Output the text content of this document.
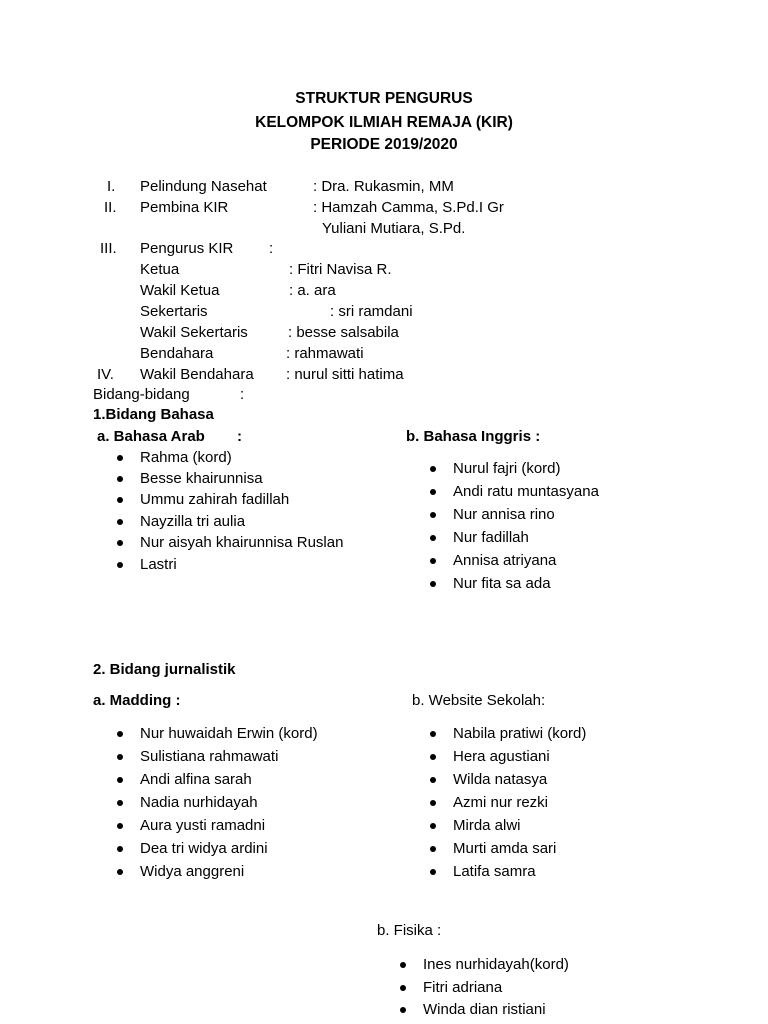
STRUKTUR PENGURUS
KELOMPOK ILMIAH REMAJA (KIR)
PERIODE 2019/2020
I. Pelindung Nasehat	: Dra. Rukasmin, MM
II. Pembina KIR	: Hamzah Camma, S.Pd.I Gr
Yuliani Mutiara, S.Pd.
III. Pengurus KIR :
Ketua	: Fitri Navisa R.
Wakil Ketua	: a. ara
Sekertaris	: sri ramdani
Wakil Sekertaris	: besse salsabila
Bendahara	: rahmawati
IV. Wakil Bendahara : nurul sitti hatima
Bidang-bidang	:
1.Bidang Bahasa
a. Bahasa Arab :	b. Bahasa Inggris :
Rahma (kord)
Besse khairunnisa
Ummu zahirah fadillah
Nayzilla tri aulia
Nur aisyah khairunnisa Ruslan
Lastri
Nurul fajri (kord)
Andi ratu muntasyana
Nur annisa rino
Nur fadillah
Annisa atriyana
Nur fita sa ada
2. Bidang jurnalistik
a. Madding :	b. Website Sekolah:
Nur huwaidah Erwin (kord)
Sulistiana rahmawati
Andi alfina sarah
Nadia nurhidayah
Aura yusti ramadni
Dea tri widya ardini
Widya anggreni
Nabila pratiwi (kord)
Hera agustiani
Wilda natasya
Azmi nur rezki
Mirda alwi
Murti amda sari
Latifa samra
b. Fisika :
Ines nurhidayah(kord)
Fitri adriana
Winda dian ristiani
